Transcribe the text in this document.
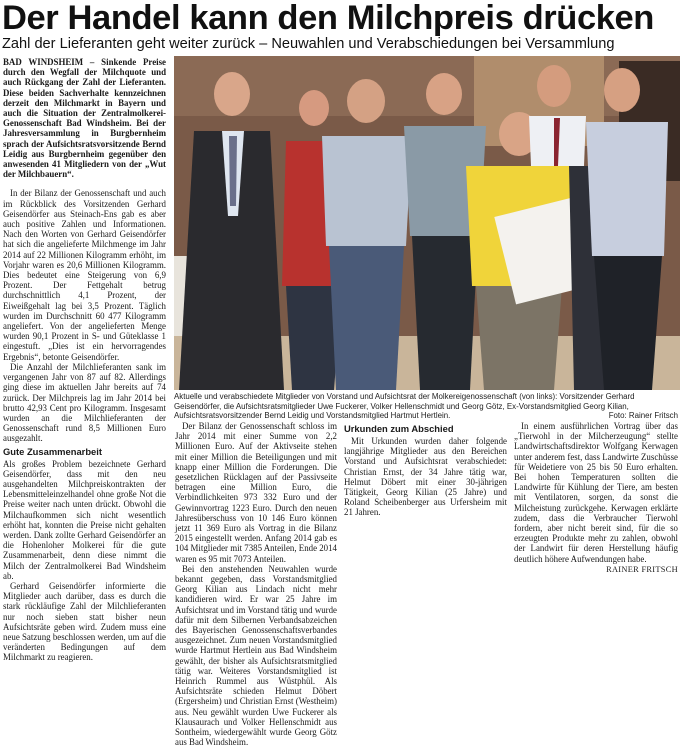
Der Handel kann den Milchpreis drücken
Zahl der Lieferanten geht weiter zurück – Neuwahlen und Verabschiedungen bei Versammlung

BAD WINDSHEIM – Sinkende Preise durch den Wegfall der Milchquote und auch Rückgang der Zahl der Lieferanten. Diese beiden Sachverhalte kennzeichnen derzeit den Milchmarkt in Bayern und auch die Situation der Zentralmolkerei-Genossenschaft Bad Windsheim. Bei der Jahresversammlung in Burgbernheim sprach der Aufsichtsratsvorsitzende Bernd Leidig aus Burgbernheim gegenüber den anwesenden 41 Mitgliedern von der „Wut der Milchbauern“.

In der Bilanz der Genossenschaft und auch im Rückblick des Vorsitzenden Gerhard Geisendörfer aus Steinach-Ens gab es aber auch positive Zahlen und Informationen. Nach den Worten von Gerhard Geisendörfer hat sich die angelieferte Milchmenge im Jahr 2014 auf 22 Millionen Kilogramm erhöht, im Vorjahr waren es 20,6 Millionen Kilogramm. Dies bedeutet eine Steigerung von 6,9 Prozent. Der Fettgehalt betrug durchschnittlich 4,1 Prozent, der Eiweißgehalt lag bei 3,5 Prozent. Täglich wurden im Durchschnitt 60 477 Kilogramm angeliefert. Von der angelieferten Menge wurden 90,1 Prozent in S- und Güteklasse 1 eingestuft. „Dies ist ein hervorragendes Ergebnis“, betonte Geisendörfer.

Die Anzahl der Milchlieferanten sank im vergangenen Jahr von 87 auf 82. Allerdings ging diese im aktuellen Jahr bereits auf 74 zurück. Der Milchpreis lag im Jahr 2014 bei brutto 42,93 Cent pro Kilogramm. Insgesamt wurden an die Milchlieferanten der Genossenschaft rund 8,5 Millionen Euro ausgezahlt.

Gute Zusammenarbeit

Als großes Problem bezeichnete Gerhard Geisendörfer, dass mit den neu ausgehandelten Milchpreiskontrakten der Lebensmitteleinzelhandel ohne große Not die Preise weiter nach unten drückt. Obwohl die Milchaufkommen sich nicht wesentlich erhöht hat, konnten die Preise nicht gehalten werden. Dank zollte Gerhard Geisendörfer an die Hohenloher Molkerei für die gute Zusammenarbeit, denn diese nimmt die Milch der Zentralmolkerei Bad Windsheim ab.

Gerhard Geisendörfer informierte die Mitglieder auch darüber, dass es durch die stark rückläufige Zahl der Milchlieferanten nur noch sieben statt bisher neun Aufsichtsräte geben wird. Zudem muss eine neue Satzung beschlossen werden, um auf die veränderten Bedingungen auf dem Milchmarkt zu reagieren.

Aktuelle und verabschiedete Mitglieder von Vorstand und Aufsichtsrat der Molkereigenossenschaft (von links): Vorsitzender Gerhard Geisendörfer, die Aufsichtsratsmitglieder Uwe Fuckerer, Volker Hellenschmidt und Georg Götz, Ex-Vorstandsmitglied Georg Kilian, Aufsichtsratsvorsitzender Bernd Leidig und Vorstandsmitglied Hartmut Hertlein.	Foto: Rainer Fritsch

Der Bilanz der Genossenschaft schloss im Jahr 2014 mit einer Summe von 2,2 Millionen Euro. Auf der Aktivseite stehen mit einer Million die Beteiligungen und mit knapp einer Million die Forderungen. Die gesetzlichen Rücklagen auf der Passivseite betragen eine Million Euro, die Verbindlichkeiten 973 332 Euro und der Gewinnvortrag 1223 Euro. Durch den neuen Jahresüberschuss von 10 146 Euro können jetzt 11 369 Euro als Vortrag in die Bilanz 2015 eingestellt werden. Anfang 2014 gab es 104 Mitglieder mit 7385 Anteilen, Ende 2014 waren es 95 mit 7073 Anteilen.

Bei den anstehenden Neuwahlen wurde bekannt gegeben, dass Vorstandsmitglied Georg Kilian aus Lindach nicht mehr kandidieren wird. Er war 25 Jahre im Aufsichtsrat und im Vorstand tätig und wurde dafür mit dem Silbernen Verbandsabzeichen des Bayerischen Genossenschaftsverbandes ausgezeichnet. Zum neuen Vorstandsmitglied wurde Hartmut Hertlein aus Bad Windsheim gewählt, der bisher als Aufsichtsratsmitglied tätig war. Weiteres Vorstandsmitglied ist Heinrich Rummel aus Wüstphül. Als Aufsichtsräte schieden Helmut Döbert (Ergersheim) und Christian Ernst (Westheim) aus. Neu gewählt wurden Uwe Fuckerer als Klausaurach und Volker Hellenschmidt aus Sontheim, wiedergewählt wurde Georg Götz aus Bad Windsheim.

Urkunden zum Abschied

Mit Urkunden wurden daher folgende langjährige Mitglieder aus den Bereichen Vorstand und Aufsichtsrat verabschiedet: Christian Ernst, der 34 Jahre tätig war, Helmut Döbert mit einer 30-jährigen Tätigkeit, Georg Kilian (25 Jahre) und Roland Scheibenberger aus Urfersheim mit 21 Jahren.

In einem ausführlichen Vortrag über das „Tierwohl in der Milcherzeugung“ stellte Landwirtschaftsdirektor Wolfgang Kerwagen unter anderem fest, dass Landwirte Zuschüsse für Weidetiere von 25 bis 50 Euro erhalten. Bei hohen Temperaturen sollten die Landwirte für Kühlung der Tiere, am besten mit Ventilatoren, sorgen, da sonst die Milcheistung zurückgehe. Kerwagen erklärte zudem, dass die Verbraucher Tierwohl fordern, aber nicht bereit sind, für die so erzeugten Produkte mehr zu zahlen, obwohl der Landwirt für deren Herstellung häufig deutlich höhere Aufwendungen habe.

RAINER FRITSCH
